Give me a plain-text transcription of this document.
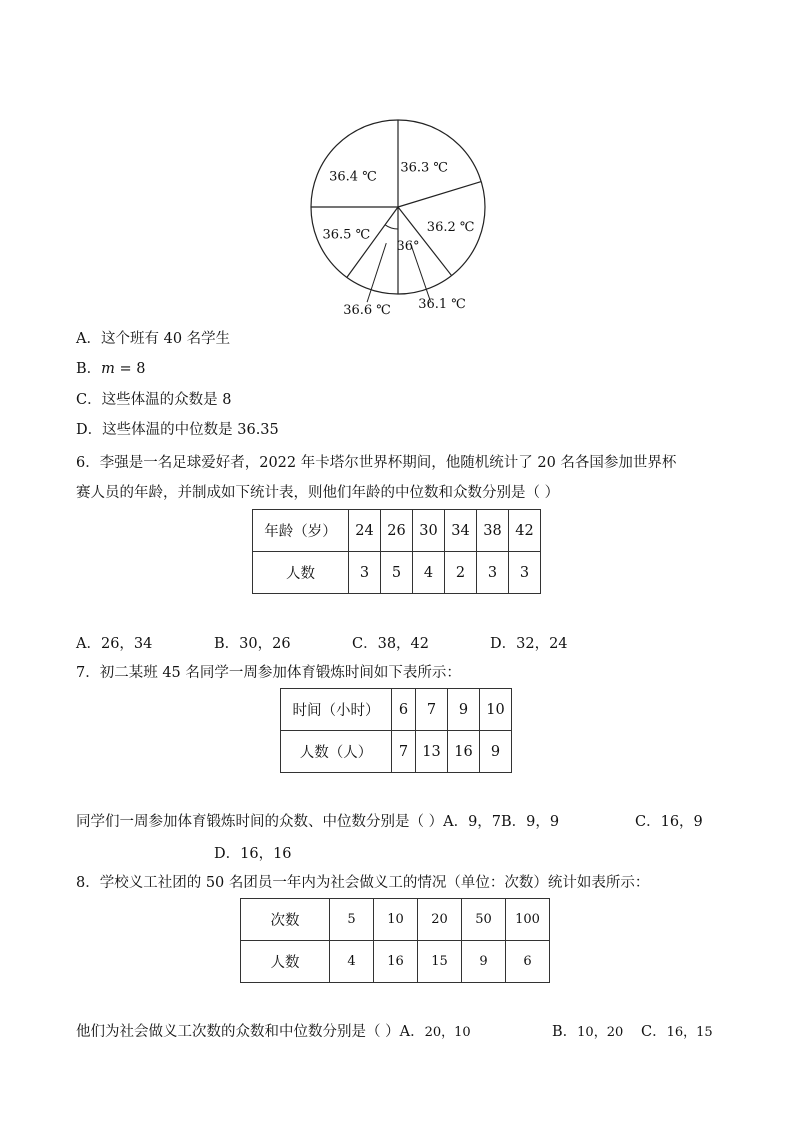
36.3 ℃
36.2 ℃
36.5 ℃
36.4 ℃
36.1 ℃
36.6 ℃
36°
A．这个班有 40 名学生
B．m = 8
C．这些体温的众数是 8
D．这些体温的中位数是 36.35
6．李强是一名足球爱好者，2022 年卡塔尔世界杯期间，他随机统计了 20 名各国参加世界杯
赛人员的年龄，并制成如下统计表，则他们年龄的中位数和众数分别是（ ）
年龄（岁）	24	26	30	34	38	42
人数	3	5	4	2	3	3
A．26，34	B．30，26	C．38，42	D．32，24
7．初二某班 45 名同学一周参加体育锻炼时间如下表所示：
时间（小时）	6	7	9	10
人数（人）	7	13	16	9
同学们一周参加体育锻炼时间的众数、中位数分别是（ ）A．9，7B．9，9	C．16，9
D．16，16
8．学校义工社团的 50 名团员一年内为社会做义工的情况（单位：次数）统计如表所示：
次数	5	10	20	50	100
人数	4	16	15	9	6
他们为社会做义工次数的众数和中位数分别是（ ）A．20，10	B．10，20 C．16，15
